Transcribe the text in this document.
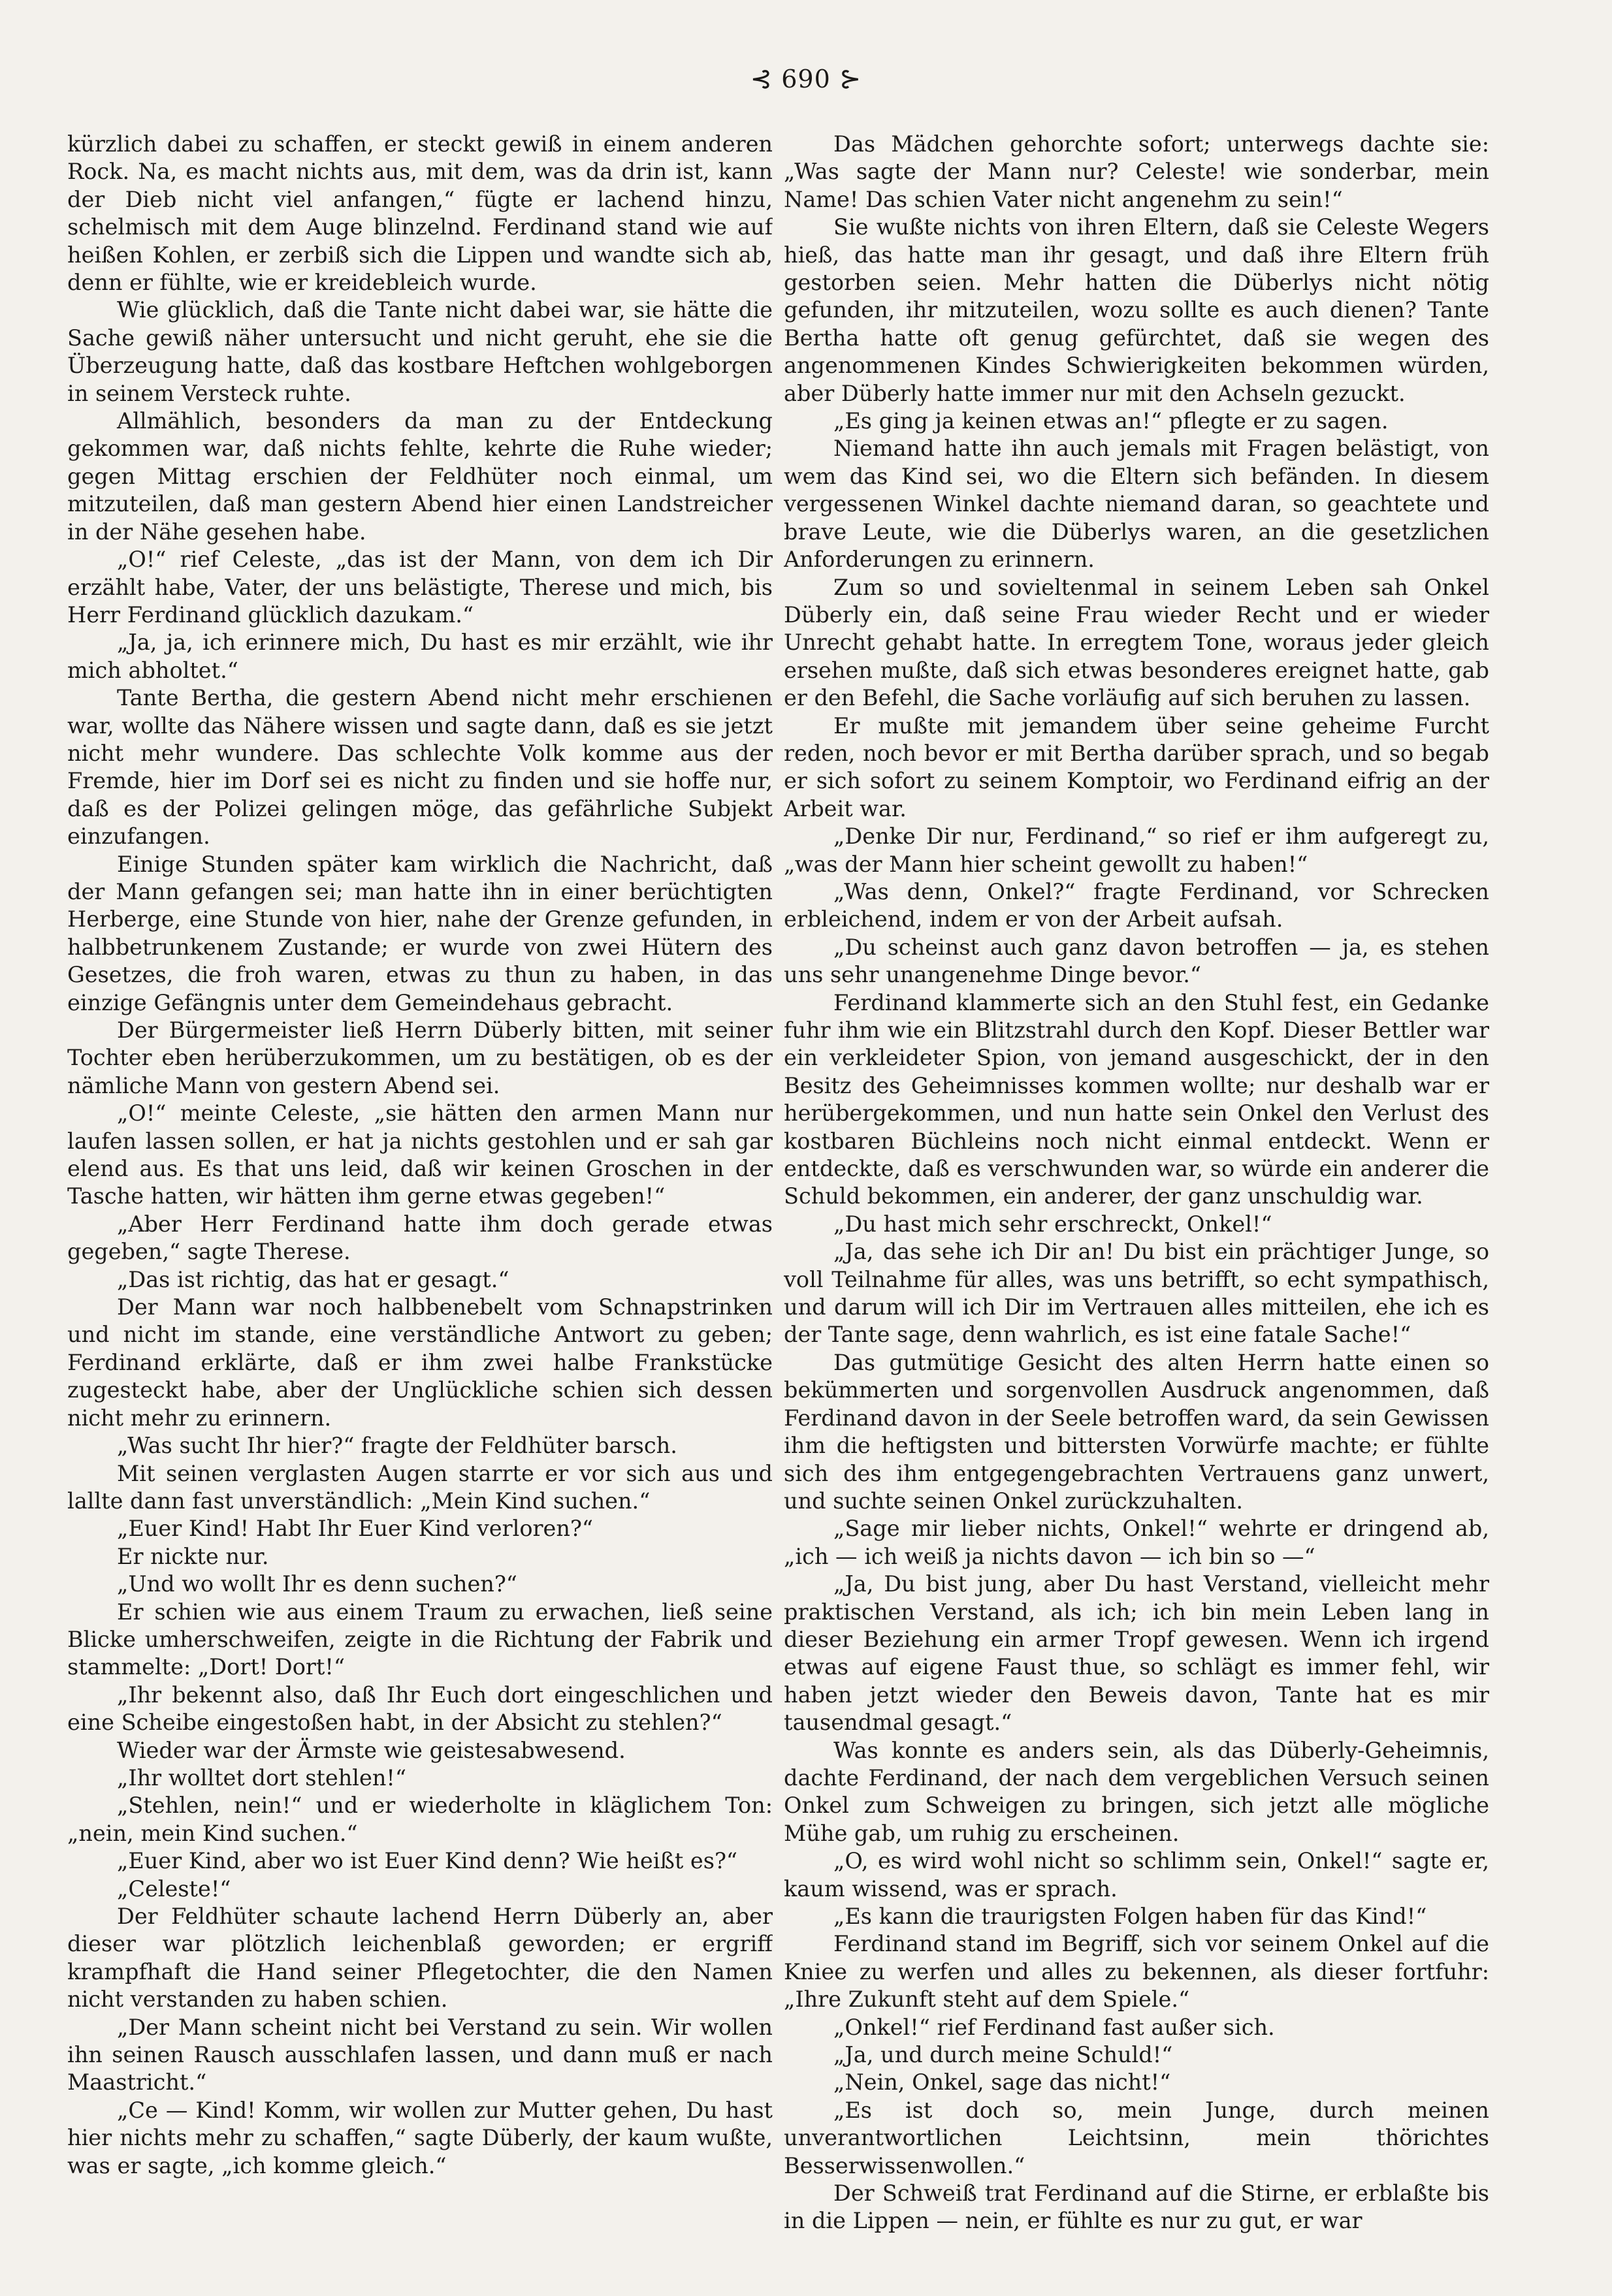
⊰ 690 ⊱

kürzlich dabei zu schaffen, er steckt gewiß in einem anderen Rock. Na, es macht nichts aus, mit dem, was da drin ist, kann der Dieb nicht viel anfangen,“ fügte er lachend hinzu, schelmisch mit dem Auge blinzelnd. Ferdinand stand wie auf heißen Kohlen, er zerbiß sich die Lippen und wandte sich ab, denn er fühlte, wie er kreidebleich wurde.

Wie glücklich, daß die Tante nicht dabei war, sie hätte die Sache gewiß näher untersucht und nicht geruht, ehe sie die Überzeugung hatte, daß das kostbare Heftchen wohlgeborgen in seinem Versteck ruhte.

Allmählich, besonders da man zu der Entdeckung gekommen war, daß nichts fehlte, kehrte die Ruhe wieder; gegen Mittag erschien der Feldhüter noch einmal, um mitzuteilen, daß man gestern Abend hier einen Landstreicher in der Nähe gesehen habe.

„O!“ rief Celeste, „das ist der Mann, von dem ich Dir erzählt habe, Vater, der uns belästigte, Therese und mich, bis Herr Ferdinand glücklich dazukam.“

„Ja, ja, ich erinnere mich, Du hast es mir erzählt, wie ihr mich abholtet.“

Tante Bertha, die gestern Abend nicht mehr erschienen war, wollte das Nähere wissen und sagte dann, daß es sie jetzt nicht mehr wundere. Das schlechte Volk komme aus der Fremde, hier im Dorf sei es nicht zu finden und sie hoffe nur, daß es der Polizei gelingen möge, das gefährliche Subjekt einzufangen.

Einige Stunden später kam wirklich die Nachricht, daß der Mann gefangen sei; man hatte ihn in einer berüchtigten Herberge, eine Stunde von hier, nahe der Grenze gefunden, in halbbetrunkenem Zustande; er wurde von zwei Hütern des Gesetzes, die froh waren, etwas zu thun zu haben, in das einzige Gefängnis unter dem Gemeindehaus gebracht.

Der Bürgermeister ließ Herrn Düberly bitten, mit seiner Tochter eben herüberzukommen, um zu bestätigen, ob es der nämliche Mann von gestern Abend sei.

„O!“ meinte Celeste, „sie hätten den armen Mann nur laufen lassen sollen, er hat ja nichts gestohlen und er sah gar elend aus. Es that uns leid, daß wir keinen Groschen in der Tasche hatten, wir hätten ihm gerne etwas gegeben!“

„Aber Herr Ferdinand hatte ihm doch gerade etwas gegeben,“ sagte Therese.

„Das ist richtig, das hat er gesagt.“

Der Mann war noch halbbenebelt vom Schnapstrinken und nicht im stande, eine verständliche Antwort zu geben; Ferdinand erklärte, daß er ihm zwei halbe Frankstücke zugesteckt habe, aber der Unglückliche schien sich dessen nicht mehr zu erinnern.

„Was sucht Ihr hier?“ fragte der Feldhüter barsch.

Mit seinen verglasten Augen starrte er vor sich aus und lallte dann fast unverständlich: „Mein Kind suchen.“

„Euer Kind! Habt Ihr Euer Kind verloren?“

Er nickte nur.

„Und wo wollt Ihr es denn suchen?“

Er schien wie aus einem Traum zu erwachen, ließ seine Blicke umherschweifen, zeigte in die Richtung der Fabrik und stammelte: „Dort! Dort!“

„Ihr bekennt also, daß Ihr Euch dort eingeschlichen und eine Scheibe eingestoßen habt, in der Absicht zu stehlen?“

Wieder war der Ärmste wie geistesabwesend.

„Ihr wolltet dort stehlen!“

„Stehlen, nein!“ und er wiederholte in kläglichem Ton: „nein, mein Kind suchen.“

„Euer Kind, aber wo ist Euer Kind denn? Wie heißt es?“

„Celeste!“

Der Feldhüter schaute lachend Herrn Düberly an, aber dieser war plötzlich leichenblaß geworden; er ergriff krampfhaft die Hand seiner Pflegetochter, die den Namen nicht verstanden zu haben schien.

„Der Mann scheint nicht bei Verstand zu sein. Wir wollen ihn seinen Rausch ausschlafen lassen, und dann muß er nach Maastricht.“

„Ce — Kind! Komm, wir wollen zur Mutter gehen, Du hast hier nichts mehr zu schaffen,“ sagte Düberly, der kaum wußte, was er sagte, „ich komme gleich.“

Das Mädchen gehorchte sofort; unterwegs dachte sie: „Was sagte der Mann nur? Celeste! wie sonderbar, mein Name! Das schien Vater nicht angenehm zu sein!“

Sie wußte nichts von ihren Eltern, daß sie Celeste Wegers hieß, das hatte man ihr gesagt, und daß ihre Eltern früh gestorben seien. Mehr hatten die Düberlys nicht nötig gefunden, ihr mitzuteilen, wozu sollte es auch dienen? Tante Bertha hatte oft genug gefürchtet, daß sie wegen des angenommenen Kindes Schwierigkeiten bekommen würden, aber Düberly hatte immer nur mit den Achseln gezuckt.

„Es ging ja keinen etwas an!“ pflegte er zu sagen.

Niemand hatte ihn auch jemals mit Fragen belästigt, von wem das Kind sei, wo die Eltern sich befänden. In diesem vergessenen Winkel dachte niemand daran, so geachtete und brave Leute, wie die Düberlys waren, an die gesetzlichen Anforderungen zu erinnern.

Zum so und sovieltenmal in seinem Leben sah Onkel Düberly ein, daß seine Frau wieder Recht und er wieder Unrecht gehabt hatte. In erregtem Tone, woraus jeder gleich ersehen mußte, daß sich etwas besonderes ereignet hatte, gab er den Befehl, die Sache vorläufig auf sich beruhen zu lassen.

Er mußte mit jemandem über seine geheime Furcht reden, noch bevor er mit Bertha darüber sprach, und so begab er sich sofort zu seinem Komptoir, wo Ferdinand eifrig an der Arbeit war.

„Denke Dir nur, Ferdinand,“ so rief er ihm aufgeregt zu, „was der Mann hier scheint gewollt zu haben!“

„Was denn, Onkel?“ fragte Ferdinand, vor Schrecken erbleichend, indem er von der Arbeit aufsah.

„Du scheinst auch ganz davon betroffen — ja, es stehen uns sehr unangenehme Dinge bevor.“

Ferdinand klammerte sich an den Stuhl fest, ein Gedanke fuhr ihm wie ein Blitzstrahl durch den Kopf. Dieser Bettler war ein verkleideter Spion, von jemand ausgeschickt, der in den Besitz des Geheimnisses kommen wollte; nur deshalb war er herübergekommen, und nun hatte sein Onkel den Verlust des kostbaren Büchleins noch nicht einmal entdeckt. Wenn er entdeckte, daß es verschwunden war, so würde ein anderer die Schuld bekommen, ein anderer, der ganz unschuldig war.

„Du hast mich sehr erschreckt, Onkel!“

„Ja, das sehe ich Dir an! Du bist ein prächtiger Junge, so voll Teilnahme für alles, was uns betrifft, so echt sympathisch, und darum will ich Dir im Vertrauen alles mitteilen, ehe ich es der Tante sage, denn wahrlich, es ist eine fatale Sache!“

Das gutmütige Gesicht des alten Herrn hatte einen so bekümmerten und sorgenvollen Ausdruck angenommen, daß Ferdinand davon in der Seele betroffen ward, da sein Gewissen ihm die heftigsten und bittersten Vorwürfe machte; er fühlte sich des ihm entgegengebrachten Vertrauens ganz unwert, und suchte seinen Onkel zurückzuhalten.

„Sage mir lieber nichts, Onkel!“ wehrte er dringend ab, „ich — ich weiß ja nichts davon — ich bin so —“

„Ja, Du bist jung, aber Du hast Verstand, vielleicht mehr praktischen Verstand, als ich; ich bin mein Leben lang in dieser Beziehung ein armer Tropf gewesen. Wenn ich irgend etwas auf eigene Faust thue, so schlägt es immer fehl, wir haben jetzt wieder den Beweis davon, Tante hat es mir tausendmal gesagt.“

Was konnte es anders sein, als das Düberly-Geheimnis, dachte Ferdinand, der nach dem vergeblichen Versuch seinen Onkel zum Schweigen zu bringen, sich jetzt alle mögliche Mühe gab, um ruhig zu erscheinen.

„O, es wird wohl nicht so schlimm sein, Onkel!“ sagte er, kaum wissend, was er sprach.

„Es kann die traurigsten Folgen haben für das Kind!“

Ferdinand stand im Begriff, sich vor seinem Onkel auf die Kniee zu werfen und alles zu bekennen, als dieser fortfuhr: „Ihre Zukunft steht auf dem Spiele.“

„Onkel!“ rief Ferdinand fast außer sich.

„Ja, und durch meine Schuld!“

„Nein, Onkel, sage das nicht!“

„Es ist doch so, mein Junge, durch meinen unverantwortlichen Leichtsinn, mein thörichtes Besserwissenwollen.“

Der Schweiß trat Ferdinand auf die Stirne, er erblaßte bis in die Lippen — nein, er fühlte es nur zu gut, er war
